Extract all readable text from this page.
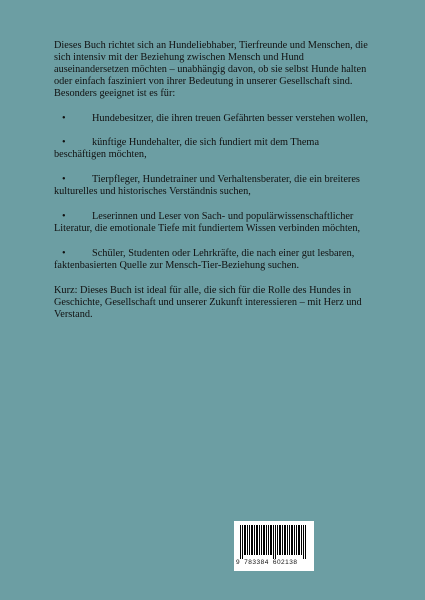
Dieses Buch richtet sich an Hundeliebhaber, Tierfreunde und Menschen, die sich intensiv mit der Beziehung zwischen Mensch und Hund auseinandersetzen möchten – unabhängig davon, ob sie selbst Hunde halten oder einfach fasziniert von ihrer Bedeutung in unserer Gesellschaft sind. Besonders geeignet ist es für:

•	Hundebesitzer, die ihren treuen Gefährten besser verstehen wollen,
•	künftige Hundehalter, die sich fundiert mit dem Thema beschäftigen möchten,
•	Tierpfleger, Hundetrainer und Verhaltensberater, die ein breiteres kulturelles und historisches Verständnis suchen,
•	Leserinnen und Leser von Sach- und populärwissenschaftlicher Literatur, die emotionale Tiefe mit fundiertem Wissen verbinden möchten,
•	Schüler, Studenten oder Lehrkräfte, die nach einer gut lesbaren, faktenbasierten Quelle zur Mensch-Tier-Beziehung suchen.

Kurz: Dieses Buch ist ideal für alle, die sich für die Rolle des Hundes in Geschichte, Gesellschaft und unserer Zukunft interessieren – mit Herz und Verstand.

9 783384 602138
